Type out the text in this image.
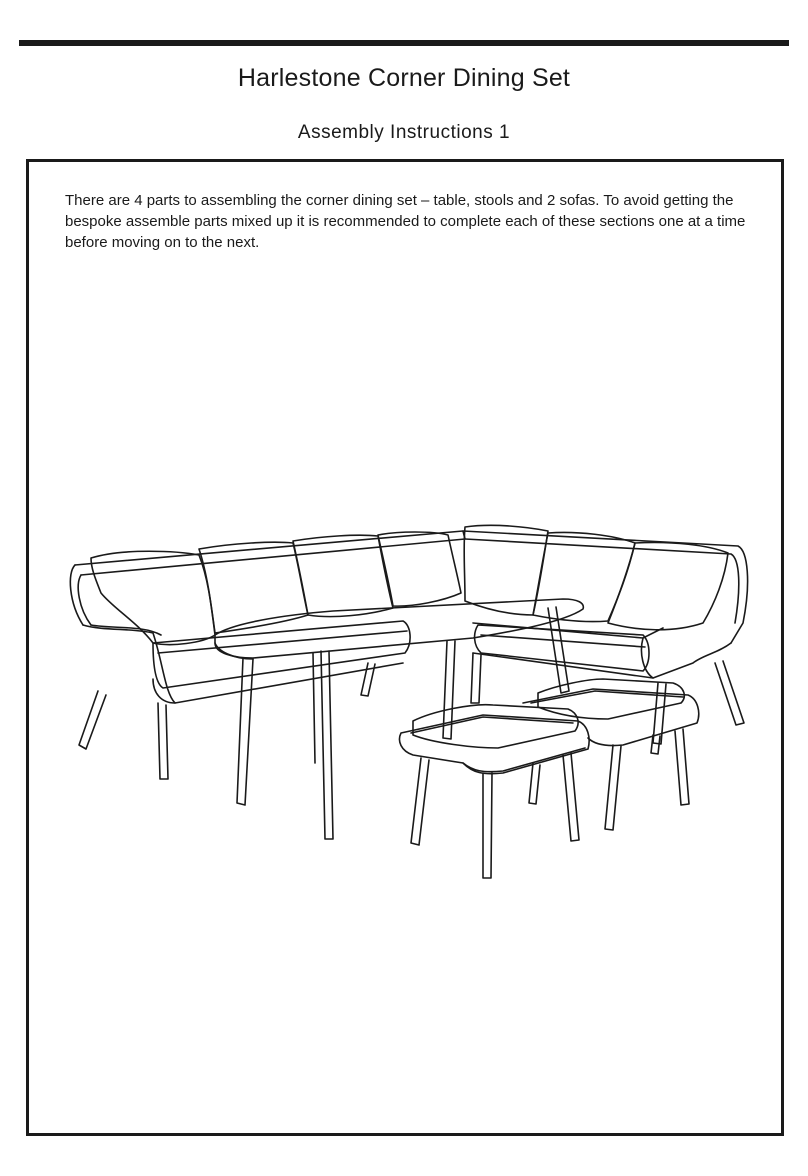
Harlestone Corner Dining Set
Assembly Instructions 1

There are 4 parts to assembling the corner dining set – table, stools and 2 sofas. To avoid getting the bespoke assemble parts mixed up it is recommended to complete each of these sections one at a time before moving on to the next.
